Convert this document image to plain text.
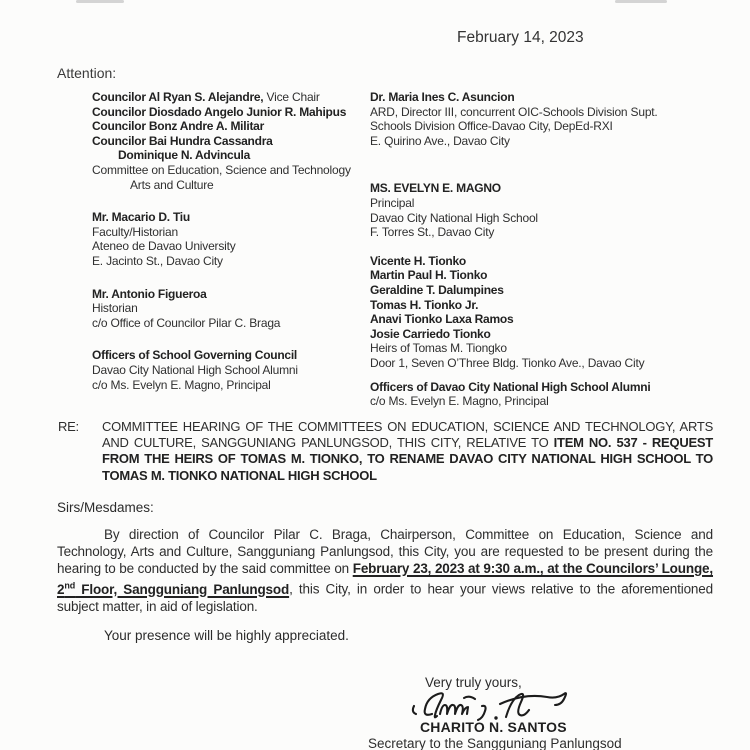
February 14, 2023
Attention:
Councilor Al Ryan S. Alejandre, Vice Chair
Councilor Diosdado Angelo Junior R. Mahipus
Councilor Bonz Andre A. Militar
Councilor Bai Hundra Cassandra
Dominique N. Advincula
Committee on Education, Science and Technology
Arts and Culture
Mr. Macario D. Tiu
Faculty/Historian
Ateneo de Davao University
E. Jacinto St., Davao City
Mr. Antonio Figueroa
Historian
c/o Office of Councilor Pilar C. Braga
Officers of School Governing Council
Davao City National High School Alumni
c/o Ms. Evelyn E. Magno, Principal
Dr. Maria Ines C. Asuncion
ARD, Director III, concurrent OIC-Schools Division Supt.
Schools Division Office-Davao City, DepEd-RXI
E. Quirino Ave., Davao City
MS. EVELYN E. MAGNO
Principal
Davao City National High School
F. Torres St., Davao City
Vicente H. Tionko
Martin Paul H. Tionko
Geraldine T. Dalumpines
Tomas H. Tionko Jr.
Anavi Tionko Laxa Ramos
Josie Carriedo Tionko
Heirs of Tomas M. Tiongko
Door 1, Seven O’Three Bldg. Tionko Ave., Davao City
Officers of Davao City National High School Alumni
c/o Ms. Evelyn E. Magno, Principal
RE: COMMITTEE HEARING OF THE COMMITTEES ON EDUCATION, SCIENCE AND TECHNOLOGY, ARTS AND CULTURE, SANGGUNIANG PANLUNGSOD, THIS CITY, RELATIVE TO ITEM NO. 537 - REQUEST FROM THE HEIRS OF TOMAS M. TIONKO, TO RENAME DAVAO CITY NATIONAL HIGH SCHOOL TO TOMAS M. TIONKO NATIONAL HIGH SCHOOL
Sirs/Mesdames:
By direction of Councilor Pilar C. Braga, Chairperson, Committee on Education, Science and Technology, Arts and Culture, Sangguniang Panlungsod, this City, you are requested to be present during the hearing to be conducted by the said committee on February 23, 2023 at 9:30 a.m., at the Councilors’ Lounge, 2nd Floor, Sangguniang Panlungsod, this City, in order to hear your views relative to the aforementioned subject matter, in aid of legislation.
Your presence will be highly appreciated.
Very truly yours,
CHARITO N. SANTOS
Secretary to the Sangguniang Panlungsod
